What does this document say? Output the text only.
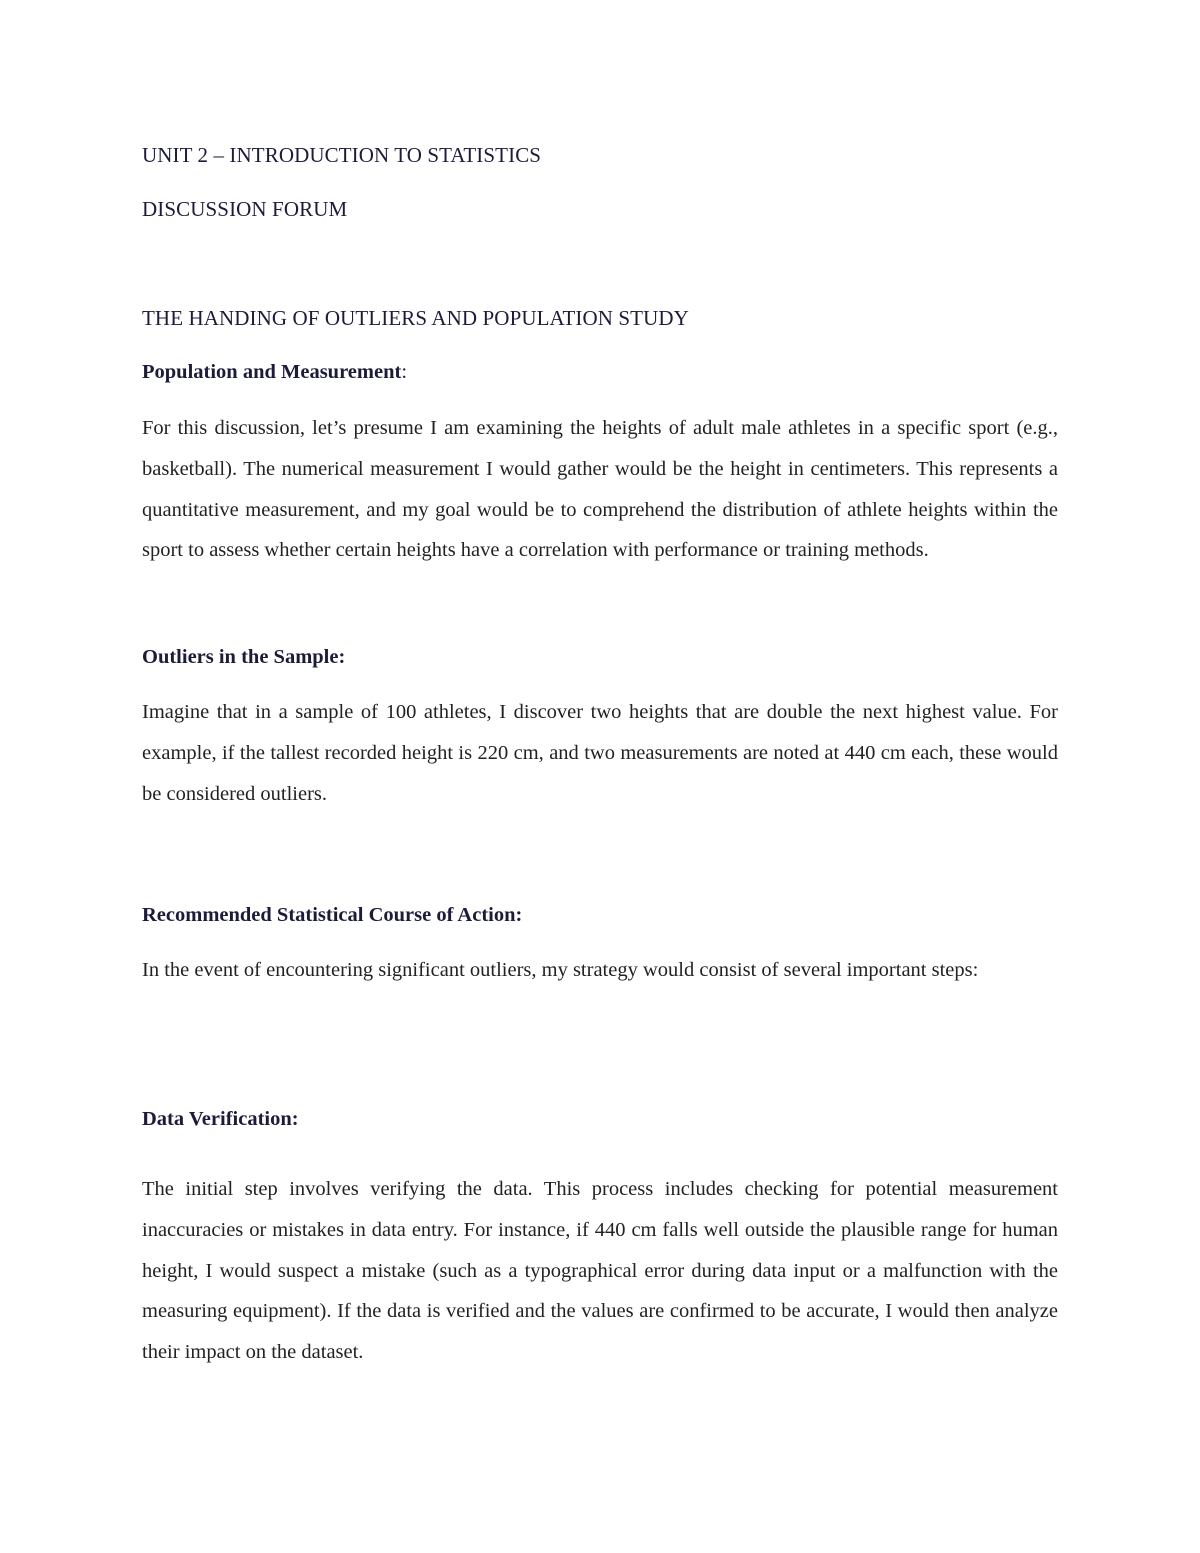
UNIT 2 – INTRODUCTION TO STATISTICS

DISCUSSION FORUM

THE HANDING OF OUTLIERS AND POPULATION STUDY

Population and Measurement:

For this discussion, let’s presume I am examining the heights of adult male athletes in a specific sport (e.g., basketball). The numerical measurement I would gather would be the height in centimeters. This represents a quantitative measurement, and my goal would be to comprehend the distribution of athlete heights within the sport to assess whether certain heights have a correlation with performance or training methods.

Outliers in the Sample:

Imagine that in a sample of 100 athletes, I discover two heights that are double the next highest value. For example, if the tallest recorded height is 220 cm, and two measurements are noted at 440 cm each, these would be considered outliers.

Recommended Statistical Course of Action:

In the event of encountering significant outliers, my strategy would consist of several important steps:

Data Verification:

The initial step involves verifying the data. This process includes checking for potential measurement inaccuracies or mistakes in data entry. For instance, if 440 cm falls well outside the plausible range for human height, I would suspect a mistake (such as a typographical error during data input or a malfunction with the measuring equipment). If the data is verified and the values are confirmed to be accurate, I would then analyze their impact on the dataset.
